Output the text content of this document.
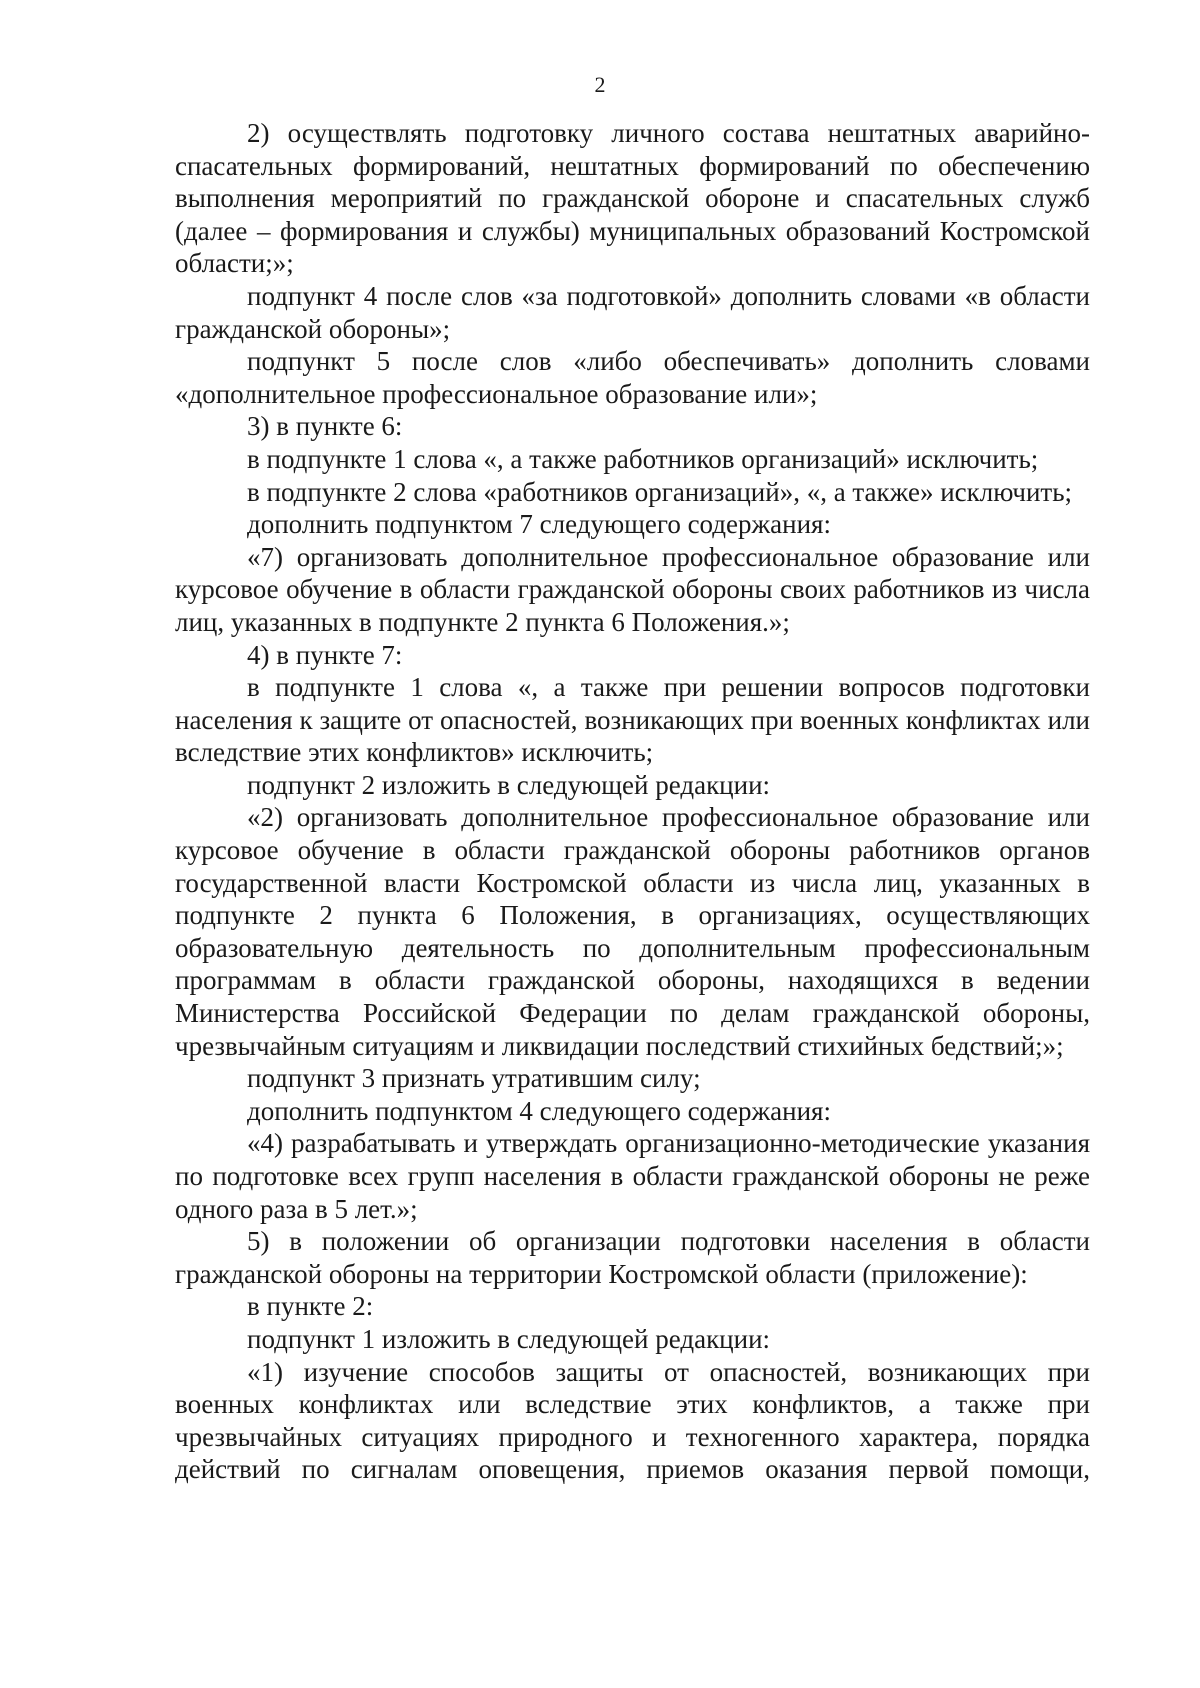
2

2) осуществлять подготовку личного состава нештатных аварийно-спасательных формирований, нештатных формирований по обеспечению выполнения мероприятий по гражданской обороне и спасательных служб (далее – формирования и службы) муниципальных образований Костромской области;»;

подпункт 4 после слов «за подготовкой» дополнить словами «в области гражданской обороны»;

подпункт 5 после слов «либо обеспечивать» дополнить словами «дополнительное профессиональное образование или»;

3) в пункте 6:

в подпункте 1 слова «, а также работников организаций» исключить;

в подпункте 2 слова «работников организаций», «, а также» исключить;

дополнить подпунктом 7 следующего содержания:

«7) организовать дополнительное профессиональное образование или курсовое обучение в области гражданской обороны своих работников из числа лиц, указанных в подпункте 2 пункта 6 Положения.»;

4) в пункте 7:

в подпункте 1 слова «, а также при решении вопросов подготовки населения к защите от опасностей, возникающих при военных конфликтах или вследствие этих конфликтов» исключить;

подпункт 2 изложить в следующей редакции:

«2) организовать дополнительное профессиональное образование или курсовое обучение в области гражданской обороны работников органов государственной власти Костромской области из числа лиц, указанных в подпункте 2 пункта 6 Положения, в организациях, осуществляющих образовательную деятельность по дополнительным профессиональным программам в области гражданской обороны, находящихся в ведении Министерства Российской Федерации по делам гражданской обороны, чрезвычайным ситуациям и ликвидации последствий стихийных бедствий;»;

подпункт 3 признать утратившим силу;

дополнить подпунктом 4 следующего содержания:

«4) разрабатывать и утверждать организационно-методические указания по подготовке всех групп населения в области гражданской обороны не реже одного раза в 5 лет.»;

5) в положении об организации подготовки населения в области гражданской обороны на территории Костромской области (приложение):

в пункте 2:

подпункт 1 изложить в следующей редакции:

«1) изучение способов защиты от опасностей, возникающих при военных конфликтах или вследствие этих конфликтов, а также при чрезвычайных ситуациях природного и техногенного характера, порядка действий по сигналам оповещения, приемов оказания первой помощи,
